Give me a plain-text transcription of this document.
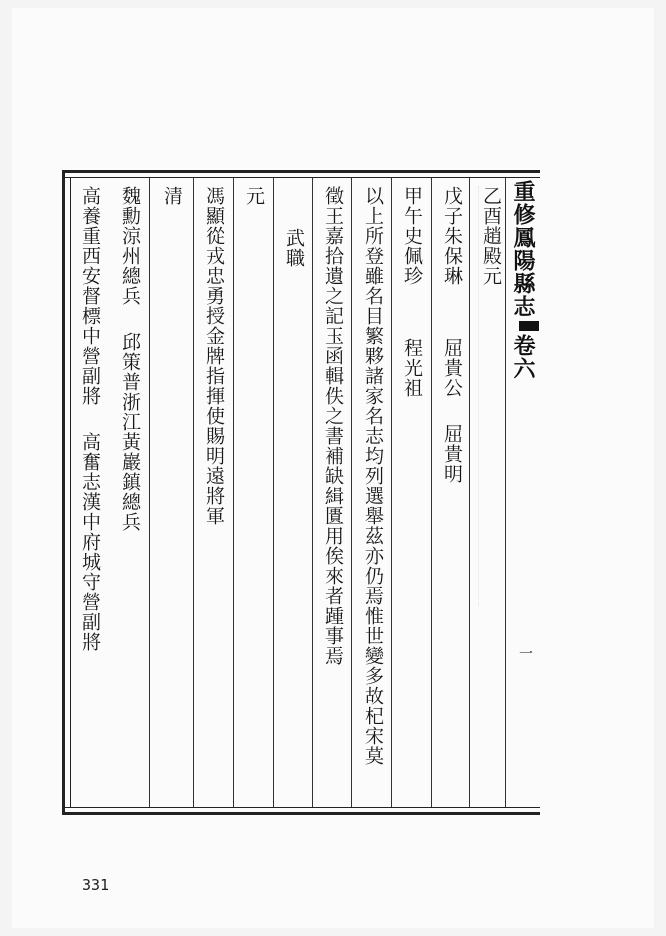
重修鳳陽縣志卷六
一
乙酉趙殿元
戊子朱保琳屈貴公屈貴明
甲午史佩珍程光祖
以上所登雖名目繁夥諸家名志均列選舉茲亦仍焉惟世變多故杞宋莫
徵王嘉拾遺之記玉函輯佚之書補缺緝匱用俟來者踵事焉
武職
元
馮顯從戎忠勇授金牌指揮使賜明遠將軍
清
魏勳涼州總兵邱策普浙江黃巖鎮總兵
高養重西安督標中營副將高奮志漢中府城守營副將
331
